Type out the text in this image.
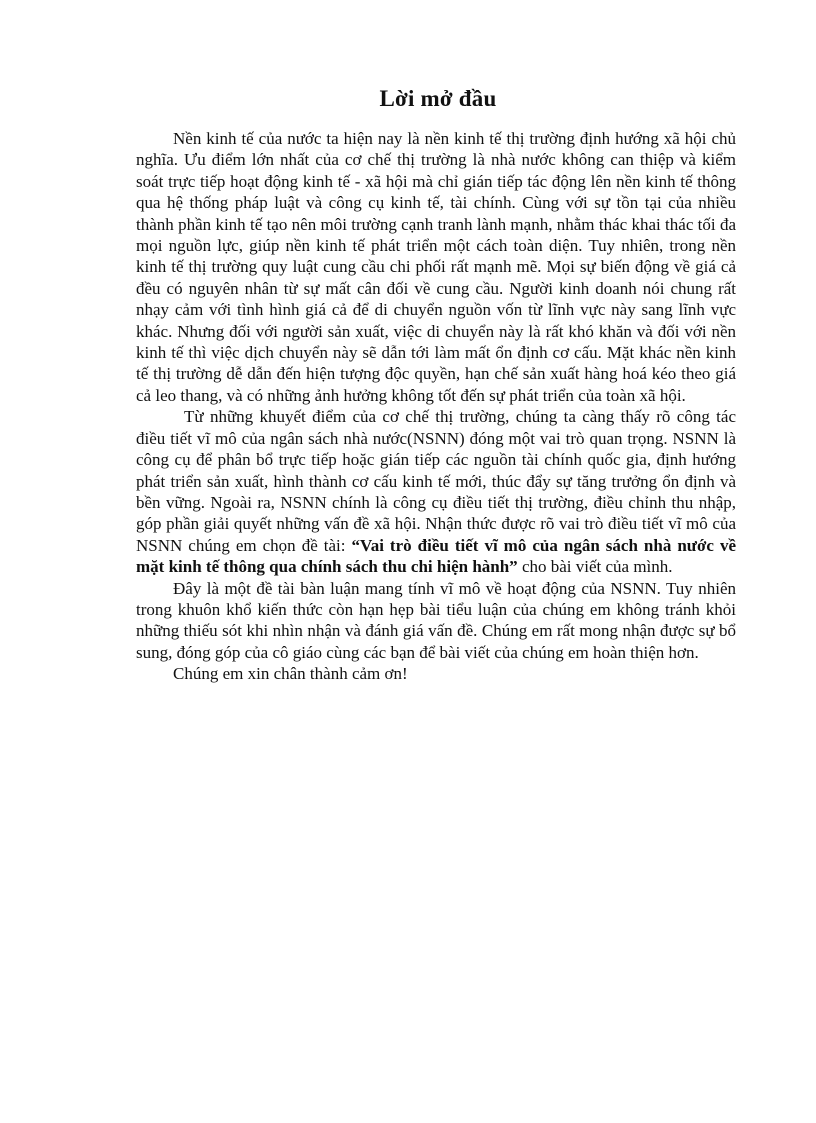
Lời mở đầu

Nền kinh tế của nước ta hiện nay là nền kinh tế thị trường định hướng xã hội chủ nghĩa. Ưu điểm lớn nhất của cơ chế thị trường là nhà nước không can thiệp và kiểm soát trực tiếp hoạt động kinh tế - xã hội mà chỉ gián tiếp tác động lên nền kinh tế thông qua hệ thống pháp luật và công cụ kinh tế, tài chính. Cùng với sự tồn tại của nhiều thành phần kinh tế tạo nên môi trường cạnh tranh lành mạnh, nhằm thác khai thác tối đa mọi nguồn lực, giúp nền kinh tế phát triển một cách toàn diện. Tuy nhiên, trong nền kinh tế thị trường quy luật cung cầu chi phối rất mạnh mẽ. Mọi sự biến động về giá cả đều có nguyên nhân từ sự mất cân đối về cung cầu. Người kinh doanh nói chung rất nhạy cảm với tình hình giá cả để di chuyển nguồn vốn từ lĩnh vực này sang lĩnh vực khác. Nhưng đối với người sản xuất, việc di chuyển này là rất khó khăn và đối với nền kinh tế thì việc dịch chuyển này sẽ dẫn tới làm mất ổn định cơ cấu. Mặt khác nền kinh tế thị trường dễ dẫn đến hiện tượng độc quyền, hạn chế sản xuất hàng hoá kéo theo giá cả leo thang, và có những ảnh hưởng không tốt đến sự phát triển của toàn xã hội.

Từ những khuyết điểm của cơ chế thị trường, chúng ta càng thấy rõ công tác điều tiết vĩ mô của ngân sách nhà nước(NSNN) đóng một vai trò quan trọng. NSNN là công cụ để phân bổ trực tiếp hoặc gián tiếp các nguồn tài chính quốc gia, định hướng phát triển sản xuất, hình thành cơ cấu kinh tế mới, thúc đẩy sự tăng trưởng ổn định và bền vững. Ngoài ra, NSNN chính là công cụ điều tiết thị trường, điều chỉnh thu nhập, góp phần giải quyết những vấn đề xã hội. Nhận thức được rõ vai trò điều tiết vĩ mô của NSNN chúng em chọn đề tài: “Vai trò điều tiết vĩ mô của ngân sách nhà nước về mặt kinh tế thông qua chính sách thu chi hiện hành” cho bài viết của mình.

Đây là một đề tài bàn luận mang tính vĩ mô về hoạt động của NSNN. Tuy nhiên trong khuôn khổ kiến thức còn hạn hẹp bài tiểu luận của chúng em không tránh khỏi những thiếu sót khi nhìn nhận và đánh giá vấn đề. Chúng em rất mong nhận được sự bổ sung, đóng góp của cô giáo cùng các bạn để bài viết của chúng em hoàn thiện hơn.

Chúng em xin chân thành cảm ơn!
